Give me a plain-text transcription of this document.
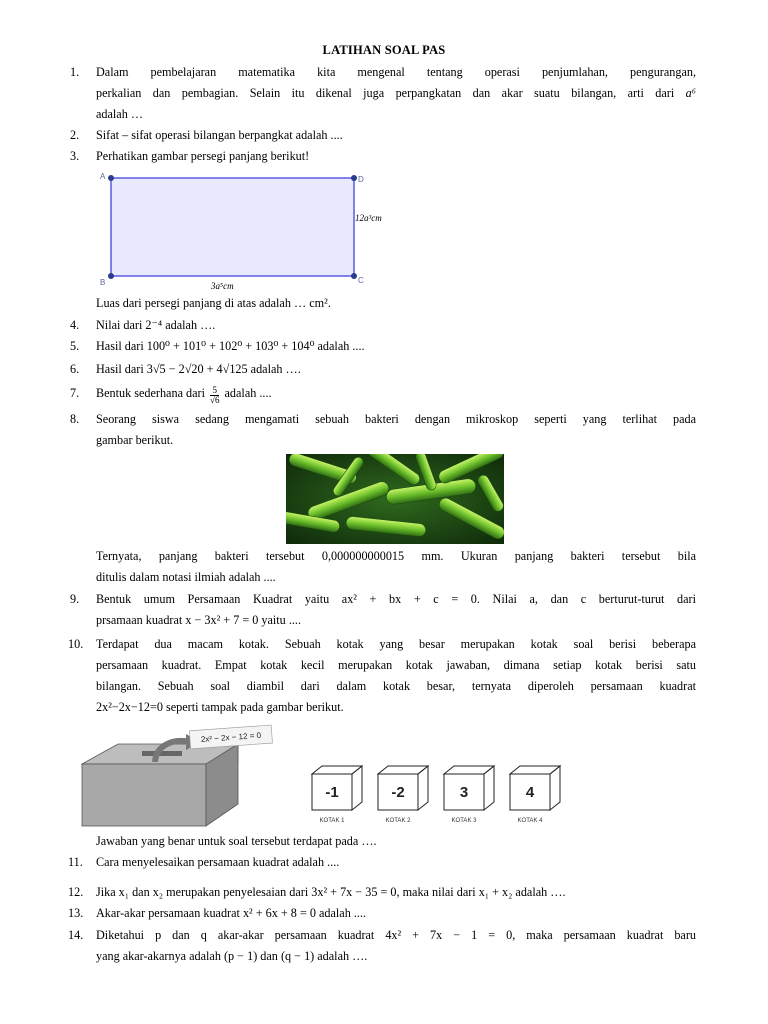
LATIHAN SOAL PAS
1. Dalam pembelajaran matematika kita mengenal tentang operasi penjumlahan, pengurangan,
perkalian dan pembagian. Selain itu dikenal juga perpangkatan dan akar suatu bilangan, arti dari a⁶
adalah …
2. Sifat – sifat operasi bilangan berpangkat adalah ....
3. Perhatikan gambar persegi panjang berikut!
A	D
B	C
12a³cm
3a⁵cm
Luas dari persegi panjang di atas adalah … cm².
4. Nilai dari 2⁻⁴ adalah ….
5. Hasil dari 100⁰ + 101⁰ + 102⁰ + 103⁰ + 104⁰ adalah ....
6. Hasil dari 3√5 − 2√20 + 4√125 adalah ….
7. Bentuk sederhana dari $\frac{5}{√6}$ adalah ....
8. Seorang siswa sedang mengamati sebuah bakteri dengan mikroskop seperti yang terlihat pada
gambar berikut.
Ternyata, panjang bakteri tersebut 0,000000000015 mm. Ukuran panjang bakteri tersebut bila
ditulis dalam notasi ilmiah adalah ....
9. Bentuk umum Persamaan Kuadrat yaitu ax² + bx + c = 0. Nilai a, dan c berturut-turut dari
prsamaan kuadrat x − 3x² + 7 = 0 yaitu ....
10. Terdapat dua macam kotak. Sebuah kotak yang besar merupakan kotak soal berisi beberapa
persamaan kuadrat. Empat kotak kecil merupakan kotak jawaban, dimana setiap kotak berisi satu
bilangan. Sebuah soal diambil dari dalam kotak besar, ternyata diperoleh persamaan kuadrat
2x²−2x−12=0 seperti tampak pada gambar berikut.
2x² − 2x − 12 = 0
-1
KOTAK 1
-2
KOTAK 2
3
KOTAK 3
4
KOTAK 4
Jawaban yang benar untuk soal tersebut terdapat pada ….
11. Cara menyelesaikan persamaan kuadrat adalah ....
12. Jika x₁ dan x₂ merupakan penyelesaian dari 3x² + 7x − 35 = 0, maka nilai dari x₁ + x₂ adalah ….
13. Akar-akar persamaan kuadrat x² + 6x + 8 = 0 adalah ....
14. Diketahui p dan q akar-akar persamaan kuadrat 4x² + 7x − 1 = 0, maka persamaan kuadrat baru
yang akar-akarnya adalah (p − 1) dan (q − 1) adalah ….
